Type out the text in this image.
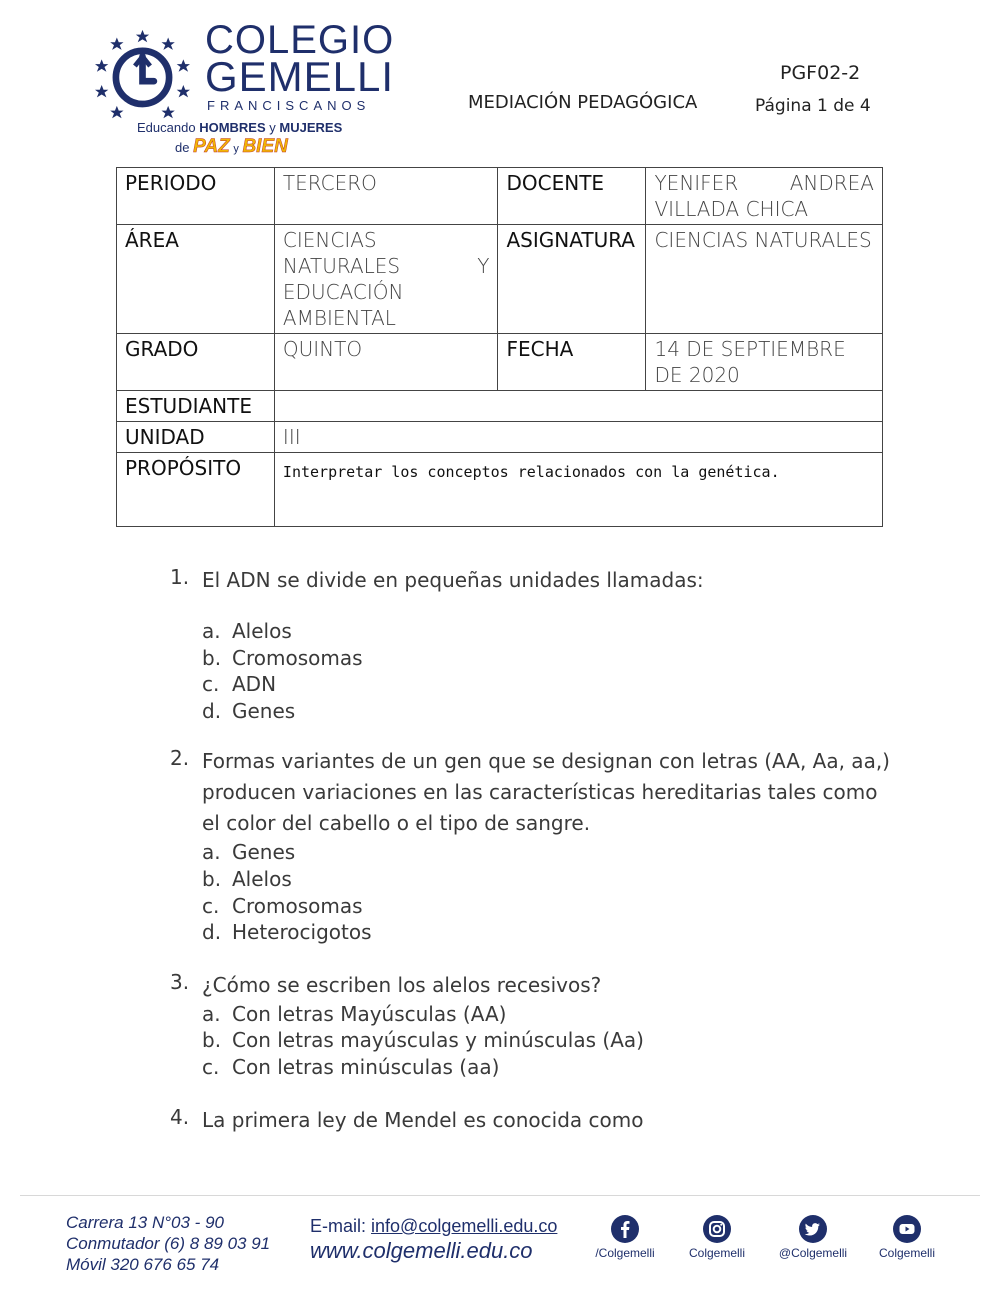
COLEGIO
GEMELLI
FRANCISCANOS
Educando HOMBRES y MUJERES
de PAZ y BIEN
PGF02-2
MEDIACIÓN PEDAGÓGICA	Página 1 de 4
PERIODO	TERCERO	DOCENTE	YENIFER ANDREA VILLADA CHICA
ÁREA	CIENCIAS NATURALES Y EDUCACIÓN AMBIENTAL	ASIGNATURA	CIENCIAS NATURALES
GRADO	QUINTO	FECHA	14 DE SEPTIEMBRE DE 2020
ESTUDIANTE			
UNIDAD	III		
PROPÓSITO	Interpretar los conceptos relacionados con la genética.		
1. El ADN se divide en pequeñas unidades llamadas:
a. Alelos
b. Cromosomas
c. ADN
d. Genes
2. Formas variantes de un gen que se designan con letras (AA, Aa, aa,) producen variaciones en las características hereditarias tales como el color del cabello o el tipo de sangre.
a. Genes
b. Alelos
c. Cromosomas
d. Heterocigotos
3. ¿Cómo se escriben los alelos recesivos?
a. Con letras Mayúsculas (AA)
b. Con letras mayúsculas y minúsculas (Aa)
c. Con letras minúsculas (aa)
4. La primera ley de Mendel es conocida como
Carrera 13 N°03 - 90
Conmutador (6) 8 89 03 91
Móvil 320 676 65 74
E-mail: info@colgemelli.edu.co
www.colgemelli.edu.co	/Colgemelli	Colgemelli	@Colgemelli	Colgemelli
